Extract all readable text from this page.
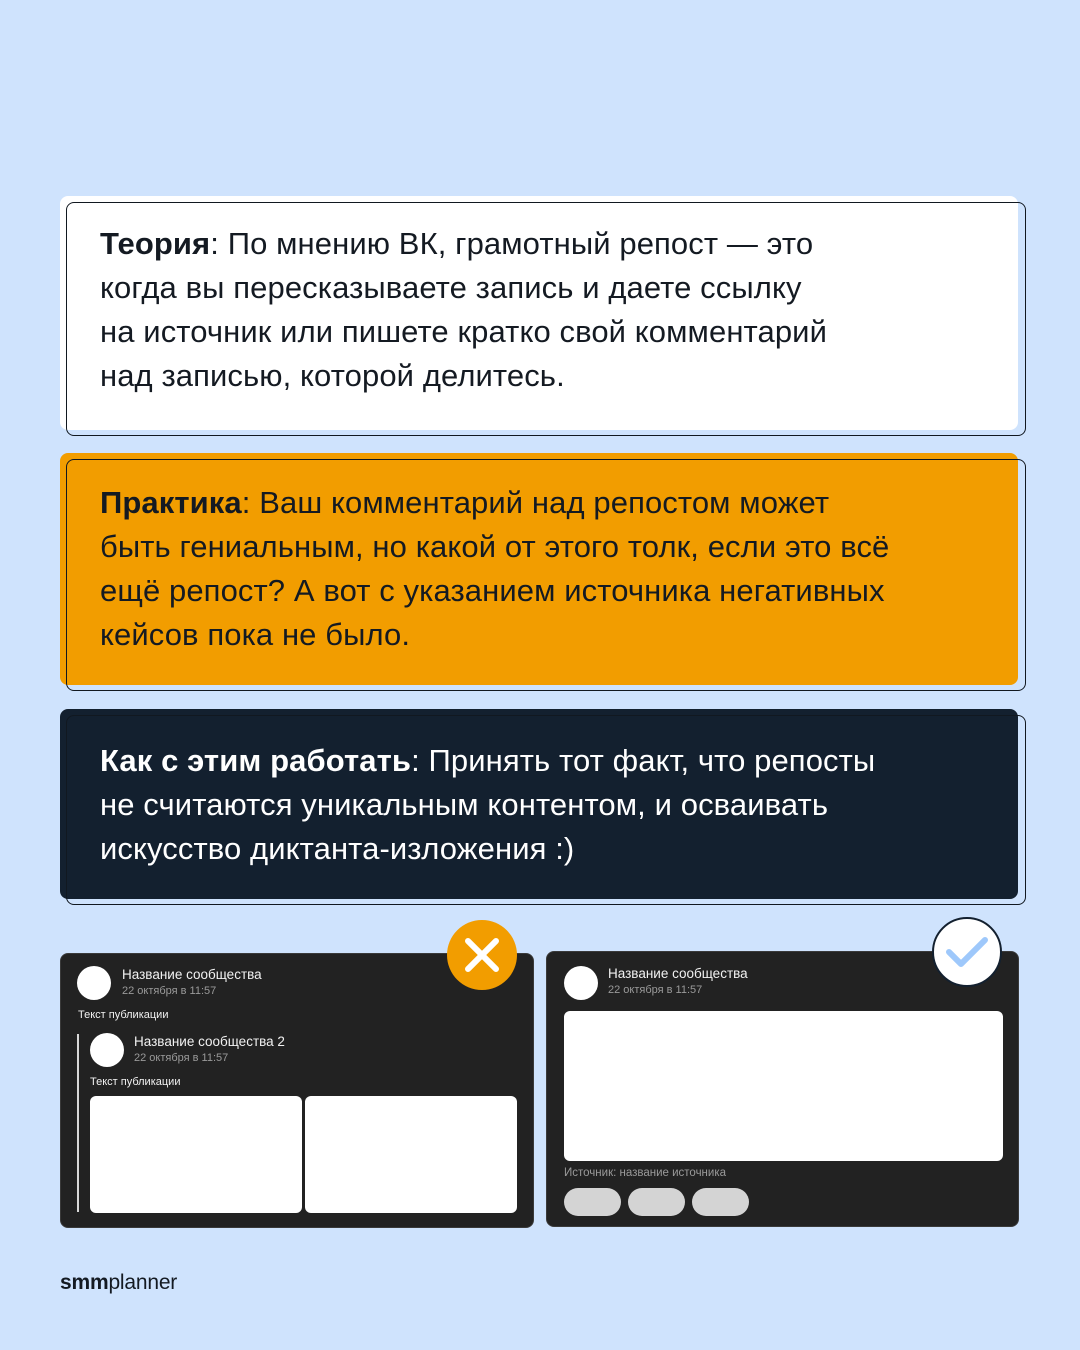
Теория: По мнению ВК, грамотный репост — это
когда вы пересказываете запись и даете ссылку
на источник или пишете кратко свой комментарий
над записью, которой делитесь.
Практика: Ваш комментарий над репостом может
быть гениальным, но какой от этого толк, если это всё
ещё репост? А вот с указанием источника негативных
кейсов пока не было.
Как с этим работать: Принять тот факт, что репосты
не считаются уникальным контентом, и осваивать
искусство диктанта-изложения :)
Название сообщества
22 октября в 11:57
Текст публикации
Название сообщества 2
22 октября в 11:57
Текст публикации
Название сообщества
22 октября в 11:57
Источник: название источника
smmplanner
